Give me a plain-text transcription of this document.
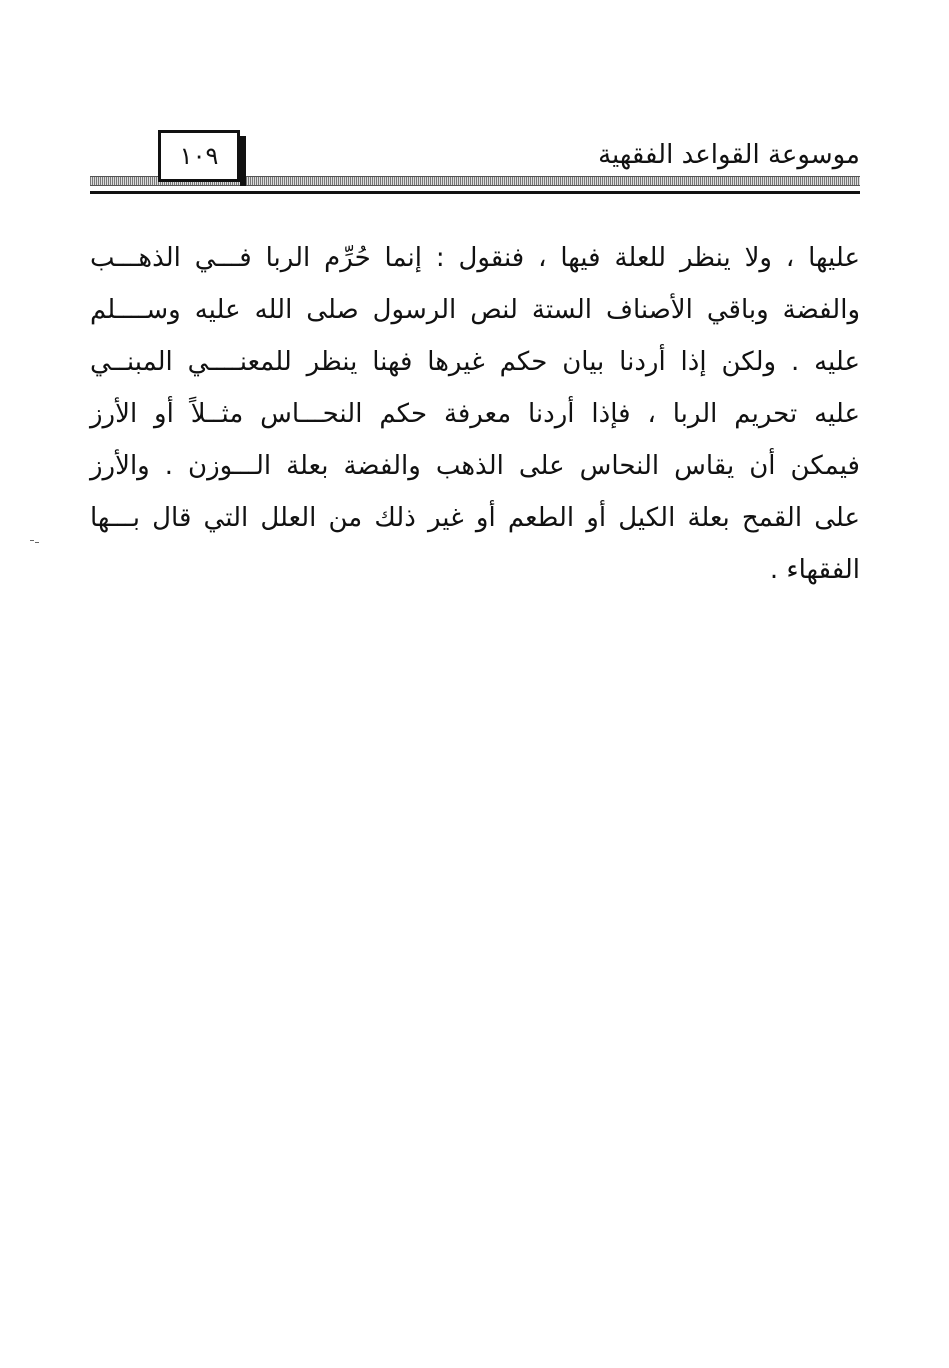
موسوعة القواعد الفقهية
١٠٩
عليها ، ولا ينظر للعلة فيها ، فنقول : إنما حُرِّم الربا فـــي الذهـــب
والفضة وباقي الأصناف الستة لنص الرسول صلى الله عليه وســــلم
عليه . ولكن إذا أردنا بيان حكم غيرها فهنا ينظر للمعنــــي المبنــي
عليه تحريم الربا ، فإذا أردنا معرفة حكم النحـــاس مثــلاً أو الأرز
فيمكن أن يقاس النحاس على الذهب والفضة بعلة الـــوزن . والأرز
على القمح بعلة الكيل أو الطعم أو غير ذلك من العلل التي قال بـــها
الفقهاء .
